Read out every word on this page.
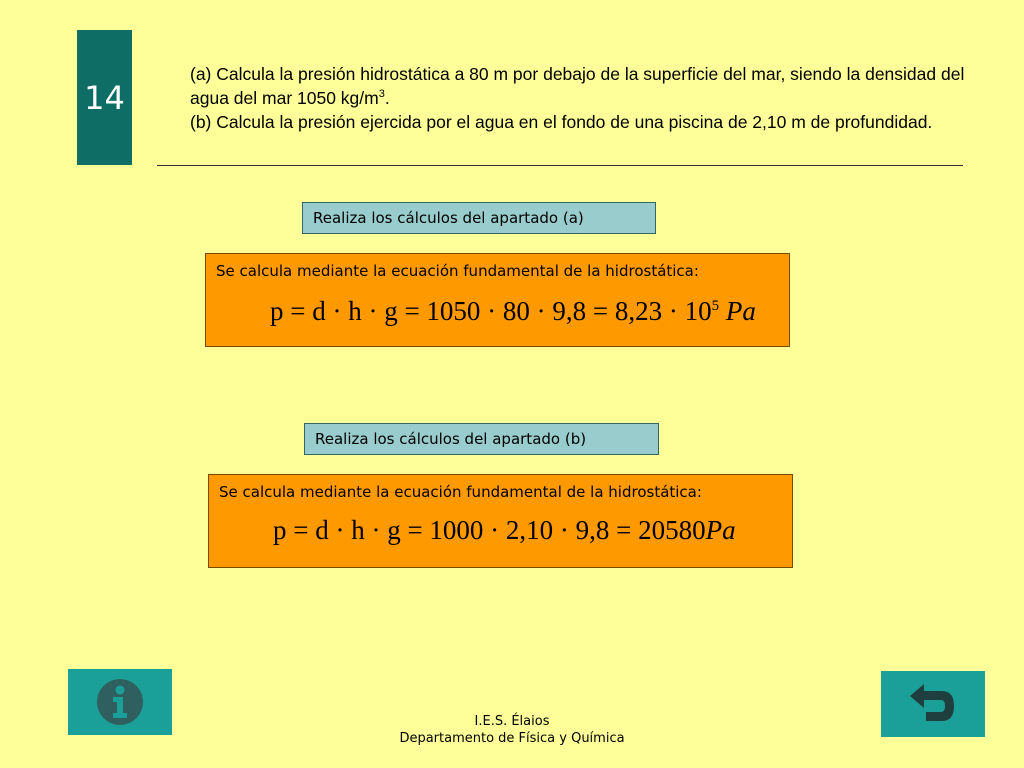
14

(a) Calcula la presión hidrostática a 80 m por debajo de la superficie del mar, siendo la densidad del agua del mar 1050 $kg/m^3$.

(b) Calcula la presión ejercida por el agua en el fondo de una piscina de 2,10 m de profundidad.

Realiza los cálculos del apartado (a)
Se calcula mediante la ecuación fundamental de la hidrostática:
$p = d \cdot h \cdot g = 1050 \cdot 80 \cdot 9,8 = 8,23 \cdot 10^5$ Pa
Realiza los cálculos del apartado (b)
Se calcula mediante la ecuación fundamental de la hidrostática:
p = d · h · g = 1000 · 2,10 · 9,8 = 20580Pa
I.E.S. Élaios
Departamento de Física y Química
